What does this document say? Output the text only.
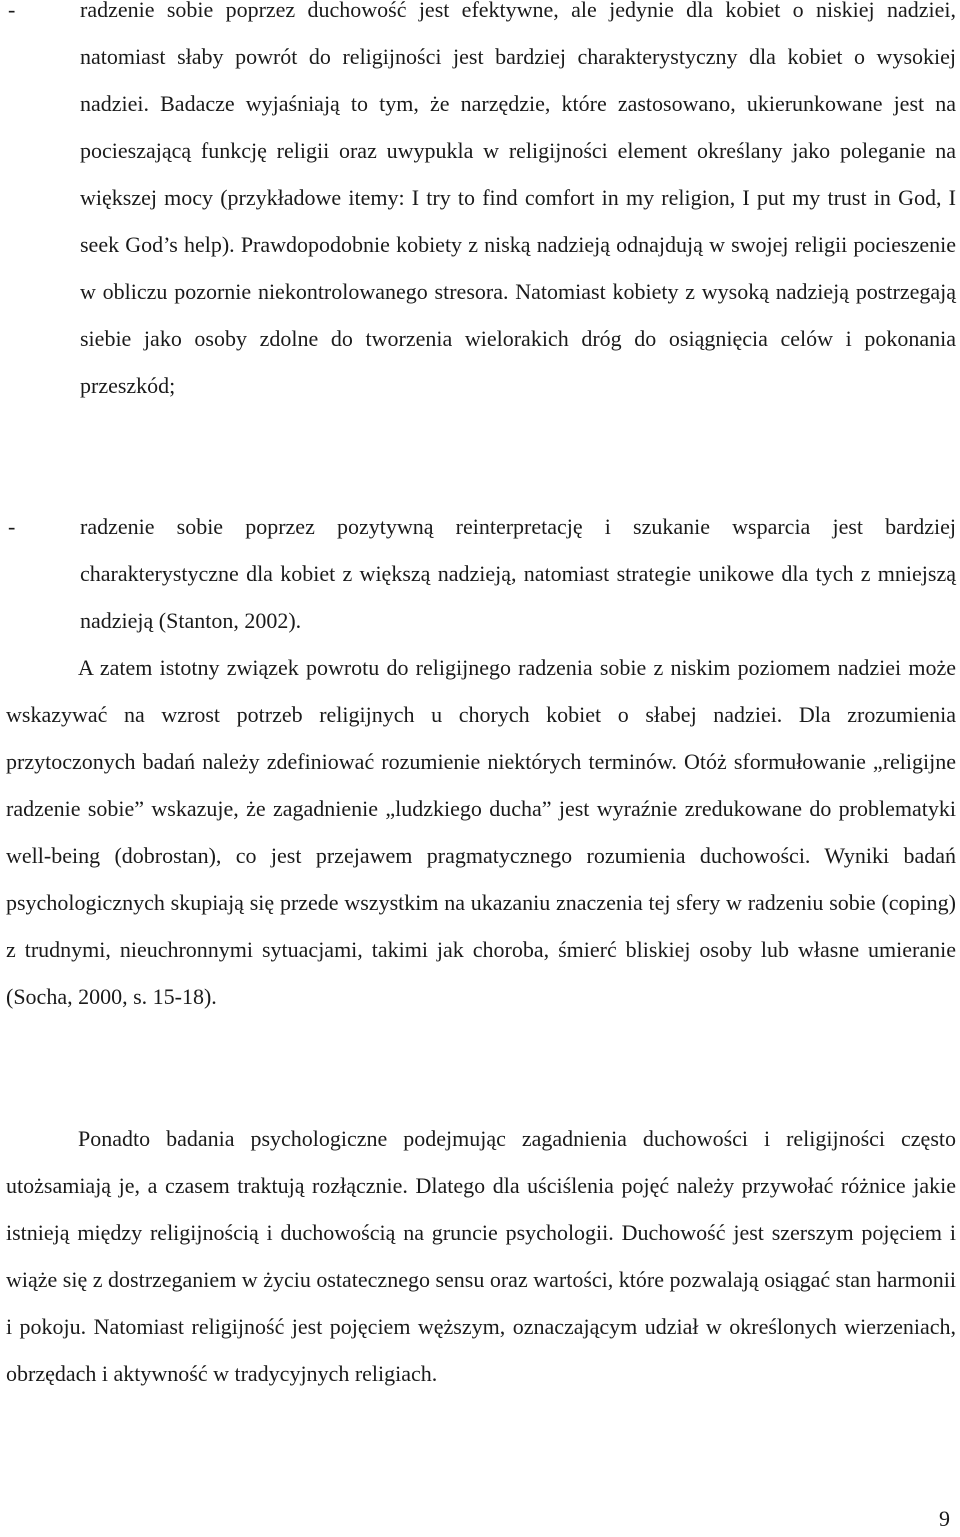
-	radzenie sobie poprzez duchowość jest efektywne, ale jedynie dla kobiet o niskiej nadziei, natomiast słaby powrót do religijności jest bardziej charakterystyczny dla kobiet o wysokiej nadziei. Badacze wyjaśniają to tym, że narzędzie, które zastosowano, ukierunkowane jest na pocieszającą funkcję religii oraz uwypukla w religijności element określany jako poleganie na większej mocy (przykładowe itemy: I try to find comfort in my religion, I put my trust in God, I seek God’s help). Prawdopodobnie kobiety z niską nadzieją odnajdują w swojej religii pocieszenie w obliczu pozornie niekontrolowanego stresora. Natomiast kobiety z wysoką nadzieją postrzegają siebie jako osoby zdolne do tworzenia wielorakich dróg do osiągnięcia celów i pokonania przeszkód;
-	radzenie sobie poprzez pozytywną reinterpretację i szukanie wsparcia jest bardziej charakterystyczne dla kobiet z większą nadzieją, natomiast strategie unikowe dla tych z mniejszą nadzieją (Stanton, 2002).
A zatem istotny związek powrotu do religijnego radzenia sobie z niskim poziomem nadziei może wskazywać na wzrost potrzeb religijnych u chorych kobiet o słabej nadziei. Dla zrozumienia przytoczonych badań należy zdefiniować rozumienie niektórych terminów. Otóż sformułowanie „religijne radzenie sobie” wskazuje, że zagadnienie „ludzkiego ducha” jest wyraźnie zredukowane do problematyki well-being (dobrostan), co jest przejawem pragmatycznego rozumienia duchowości. Wyniki badań psychologicznych skupiają się przede wszystkim na ukazaniu znaczenia tej sfery w radzeniu sobie (coping) z trudnymi, nieuchronnymi sytuacjami, takimi jak choroba, śmierć bliskiej osoby lub własne umieranie (Socha, 2000, s. 15-18).
Ponadto badania psychologiczne podejmując zagadnienia duchowości i religijności często utożsamiają je, a czasem traktują rozłącznie. Dlatego dla uściślenia pojęć należy przywołać różnice jakie istnieją między religijnością i duchowością na gruncie psychologii. Duchowość jest szerszym pojęciem i wiąże się z dostrzeganiem w życiu ostatecznego sensu oraz wartości, które pozwalają osiągać stan harmonii i pokoju. Natomiast religijność jest pojęciem węższym, oznaczającym udział w określonych wierzeniach, obrzędach i aktywność w tradycyjnych religiach.
9
